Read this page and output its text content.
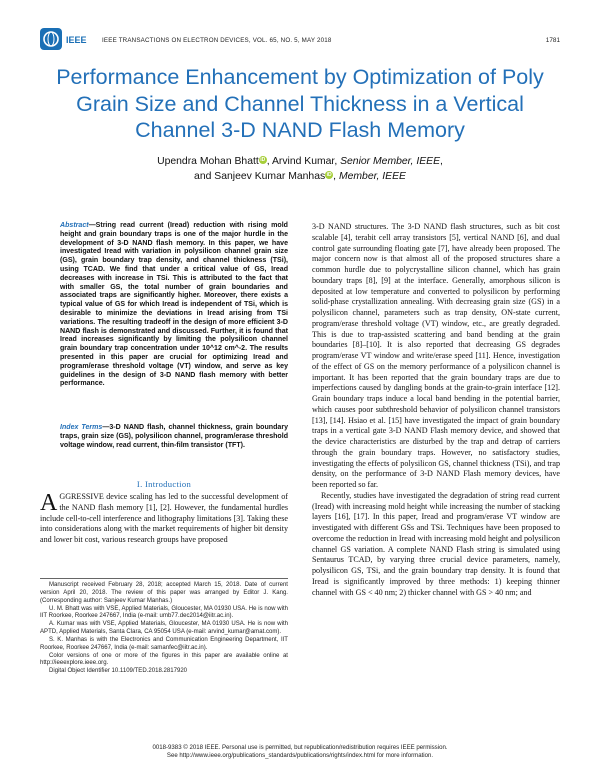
IEEE IEEE TRANSACTIONS ON ELECTRON DEVICES, VOL. 65, NO. 5, MAY 2018	1781
Performance Enhancement by Optimization of Poly Grain Size and Channel Thickness in a Vertical Channel 3-D NAND Flash Memory
Upendra Mohan Bhatt iD , Arvind Kumar, Senior Member, IEEE,
and Sanjeev Kumar Manhas iD , Member, IEEE
Abstract—String read current (Iread) reduction with rising mold height and grain boundary traps is one of the major hurdle in the development of 3-D NAND flash memory. In this paper, we have investigated Iread with variation in polysilicon channel grain size (GS), grain boundary trap density, and channel thickness (TSi), using TCAD. We find that under a critical value of GS, Iread decreases with increase in TSi. This is attributed to the fact that with smaller GS, the total number of grain boundaries and associated traps are significantly higher. Moreover, there exists a typical value of GS for which Iread is independent of TSi, which is desirable to minimize the deviations in Iread arising from TSi variations. The resulting tradeoff in the design of more efficient 3-D NAND flash is demonstrated and discussed. Further, it is found that Iread increases significantly by limiting the polysilicon channel grain boundary trap concentration under 10^12 cm^-2. The results presented in this paper are crucial for optimizing Iread and program/erase threshold voltage (VT) window, and serve as key guidelines in the design of 3-D NAND flash memory with better performance.
Index Terms—3-D NAND flash, channel thickness, grain boundary traps, grain size (GS), polysilicon channel, program/erase threshold voltage window, read current, thin-film transistor (TFT).
I. Introduction
AGGRESSIVE device scaling has led to the successful development of the NAND flash memory [1], [2]. However, the fundamental hurdles include cell-to-cell interference and lithography limitations [3]. Taking these into considerations along with the market requirements of higher bit density and lower bit cost, various research groups have proposed

Manuscript received February 28, 2018; accepted March 15, 2018. Date of current version April 20, 2018. The review of this paper was arranged by Editor J. Kang. (Corresponding author: Sanjeev Kumar Manhas.)

U. M. Bhatt was with VSE, Applied Materials, Gloucester, MA 01930 USA. He is now with IIT Roorkee, Roorkee 247667, India (e-mail: umb77.dec2014@iitr.ac.in).

A. Kumar was with VSE, Applied Materials, Gloucester, MA 01930 USA. He is now with APTD, Applied Materials, Santa Clara, CA 95054 USA (e-mail: arvind_kumar@amat.com).

S. K. Manhas is with the Electronics and Communication Engineering Department, IIT Roorkee, Roorkee 247667, India (e-mail: samanfec@iitr.ac.in).

Color versions of one or more of the figures in this paper are available online at http://ieeexplore.ieee.org.

Digital Object Identifier 10.1109/TED.2018.2817920

3-D NAND structures. The 3-D NAND flash structures, such as bit cost scalable [4], terabit cell array transistors [5], vertical NAND [6], and dual control gate surrounding floating gate [7], have already been proposed. The major concern now is that almost all of the proposed structures share a common hurdle due to polycrystalline silicon channel, which has grain boundary traps [8], [9] at the interface. Generally, amorphous silicon is deposited at low temperature and converted to polysilicon by performing solid-phase crystallization annealing. With decreasing grain size (GS) in a polysilicon channel, parameters such as trap density, ON-state current, program/erase threshold voltage (VT) window, etc., are greatly degraded. This is due to trap-assisted scattering and band bending at the grain boundaries [8]–[10]. It is also reported that decreasing GS degrades program/erase VT window and write/erase speed [11]. Hence, investigation of the effect of GS on the memory performance of a polysilicon channel is important. It has been reported that the grain boundary traps are due to imperfections caused by dangling bonds at the grain-to-grain interface [12]. Grain boundary traps induce a local band bending in the potential barrier, which causes poor subthreshold behavior of polysilicon channel transistors [13], [14]. Hsiao et al. [15] have investigated the impact of grain boundary traps in a vertical gate 3-D NAND Flash memory device, and showed that the device characteristics are disturbed by the trap and detrap of carriers through the grain boundary traps. However, no satisfactory studies, investigating the effects of polysilicon GS, channel thickness (TSi), and trap density, on the performance of 3-D NAND Flash memory devices, have been reported so far.

Recently, studies have investigated the degradation of string read current (Iread) with increasing mold height while increasing the number of stacking layers [16], [17]. In this paper, Iread and program/erase VT window are investigated with different GSs and TSi. Techniques have been proposed to overcome the reduction in Iread with increasing mold height and polysilicon channel GS variation. A complete NAND Flash string is simulated using Sentaurus TCAD, by varying three crucial device parameters, namely, polysilicon GS, TSi, and the grain boundary trap density. It is found that Iread is significantly improved by three methods: 1) keeping thinner channel with GS < 40 nm; 2) thicker channel with GS > 40 nm; and

0018-9383 © 2018 IEEE. Personal use is permitted, but republication/redistribution requires IEEE permission.
See http://www.ieee.org/publications_standards/publications/rights/index.html for more information.
